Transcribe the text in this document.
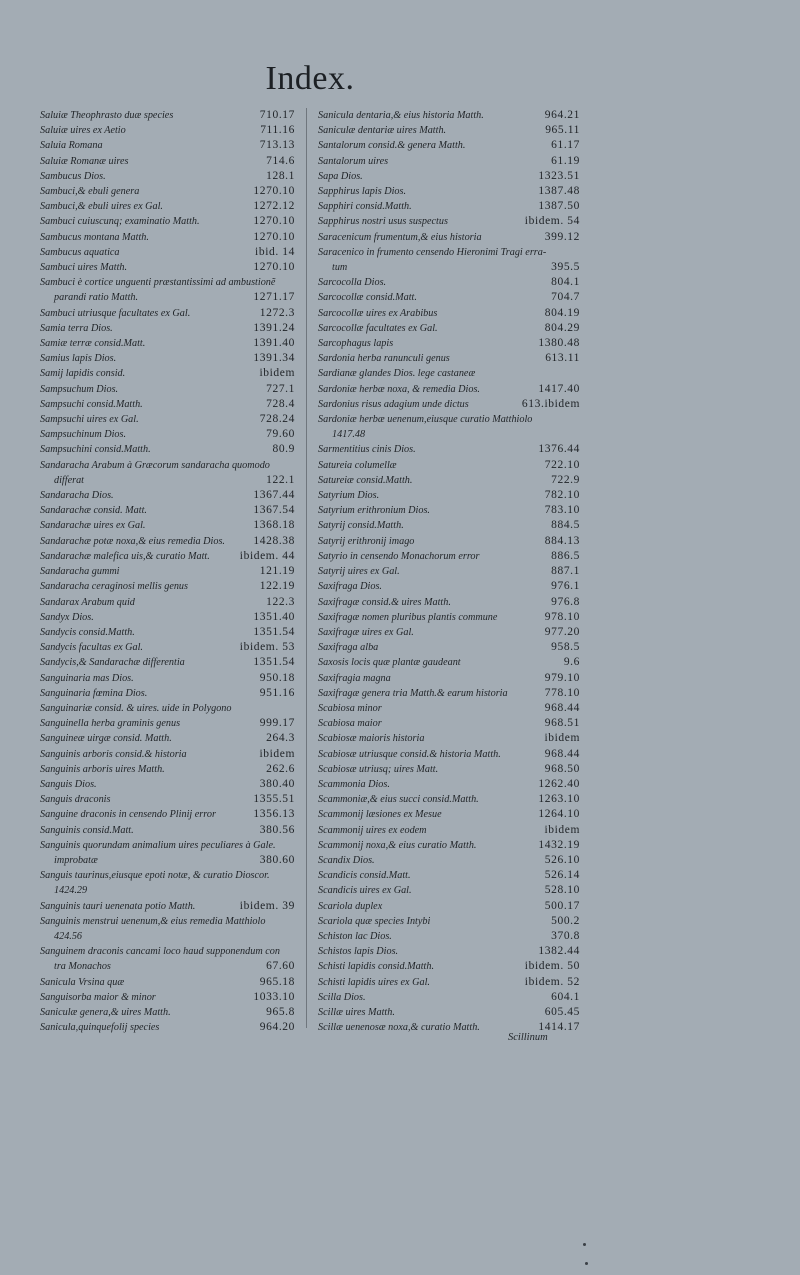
Index.
Saluiæ Theophrasto duæ species	710.17
Saluiæ uires ex Aetio	711.16
Saluia Romana	713.13
Saluiæ Romanæ uires	714.6
Sambucus Dios.	128.1
Sambuci,& ebuli genera	1270.10
Sambuci,& ebuli uires ex Gal.	1272.12
Sambuci cuiuscunq; examinatio Matth.	1270.10
Sambucus montana Matth.	1270.10
Sambucus aquatica	ibid. 14
Sambuci uires Matth.	1270.10
Sambuci è cortice unguenti præstantissimi ad ambustionẽ
parandi ratio Matth.	1271.17
Sambuci utriusque facultates ex Gal.	1272.3
Samia terra Dios.	1391.24
Samiæ terræ consid.Matt.	1391.40
Samius lapis Dios.	1391.34
Samij lapidis consid.	ibidem
Sampsuchum Dios.	727.1
Sampsuchi consid.Matth.	728.4
Sampsuchi uires ex Gal.	728.24
Sampsuchinum Dios.	79.60
Sampsuchini consid.Matth.	80.9
Sandaracha Arabum à Græcorum sandaracha quomodo
differat	122.1
Sandaracha Dios.	1367.44
Sandarachæ consid. Matt.	1367.54
Sandarachæ uires ex Gal.	1368.18
Sandarachæ potæ noxa,& eius remedia Dios.	1428.38
Sandarachæ malefica uis,& curatio Matt.	ibidem. 44
Sandaracha gummi	121.19
Sandaracha ceraginosi mellis genus	122.19
Sandarax Arabum quid	122.3
Sandyx Dios.	1351.40
Sandycis consid.Matth.	1351.54
Sandycis facultas ex Gal.	ibidem. 53
Sandycis,& Sandarachæ differentia	1351.54
Sanguinaria mas Dios.	950.18
Sanguinaria fœmina Dios.	951.16
Sanguinariæ consid. & uires. uide in Polygono
Sanguinella herba graminis genus	999.17
Sanguineæ uirgæ consid. Matth.	264.3
Sanguinis arboris consid.& historia	ibidem
Sanguinis arboris uires Matth.	262.6
Sanguis Dios.	380.40
Sanguis draconis	1355.51
Sanguine draconis in censendo Plinij error	1356.13
Sanguinis consid.Matt.	380.56
Sanguinis quorundam animalium uires peculiares à Gale.
improbatæ	380.60
Sanguis taurinus,eiusque epoti notæ, & curatio Dioscor.
1424.29
Sanguinis tauri uenenata potio Matth.	ibidem. 39
Sanguinis menstrui uenenum,& eius remedia Matthiolo
424.56
Sanguinem draconis cancami loco haud supponendum con
tra Monachos	67.60
Sanicula Vrsina quæ	965.18
Sanguisorba maior & minor	1033.10
Saniculæ genera,& uires Matth.	965.8
Sanicula,quinquefolij species	964.20
Sanicula dentaria,& eius historia Matth.	964.21
Saniculæ dentariæ uires Matth.	965.11
Santalorum consid.& genera Matth.	61.17
Santalorum uires	61.19
Sapa Dios.	1323.51
Sapphirus lapis Dios.	1387.48
Sapphiri consid.Matth.	1387.50
Sapphirus nostri usus suspectus	ibidem. 54
Saracenicum frumentum,& eius historia	399.12
Saracenico in frumento censendo Hieronimi Tragi erra-
tum	395.5
Sarcocolla Dios.	804.1
Sarcocollæ consid.Matt.	704.7
Sarcocollæ uires ex Arabibus	804.19
Sarcocollæ facultates ex Gal.	804.29
Sarcophagus lapis	1380.48
Sardonia herba ranunculi genus	613.11
Sardianæ glandes Dios. lege castaneæ
Sardoniæ herbæ noxa, & remedia Dios.	1417.40
Sardonius risus adagium unde dictus	613.ibidem
Sardoniæ herbæ uenenum,eiusque curatio Matthiolo
1417.48
Sarmentitius cinis Dios.	1376.44
Satureia columellæ	722.10
Satureiæ consid.Matth.	722.9
Satyrium Dios.	782.10
Satyrium erithronium Dios.	783.10
Satyrij consid.Matth.	884.5
Satyrij erithronij imago	884.13
Satyrio in censendo Monachorum error	886.5
Satyrij uires ex Gal.	887.1
Saxifraga Dios.	976.1
Saxifragæ consid.& uires Matth.	976.8
Saxifragæ nomen pluribus plantis commune	978.10
Saxifragæ uires ex Gal.	977.20
Saxifraga alba	958.5
Saxosis locis quæ plantæ gaudeant	9.6
Saxifragia magna	979.10
Saxifragæ genera tria Matth.& earum historia	778.10
Scabiosa minor	968.44
Scabiosa maior	968.51
Scabiosæ maioris historia	ibidem
Scabiosæ utriusque consid.& historia Matth.	968.44
Scabiosæ utriusq; uires Matt.	968.50
Scammonia Dios.	1262.40
Scammoniæ,& eius succi consid.Matth.	1263.10
Scammonij læsiones ex Mesue	1264.10
Scammonij uires ex eodem	ibidem
Scammonij noxa,& eius curatio Matth.	1432.19
Scandix Dios.	526.10
Scandicis consid.Matt.	526.14
Scandicis uires ex Gal.	528.10
Scariola duplex	500.17
Scariola quæ species Intybi	500.2
Schiston lac Dios.	370.8
Schistos lapis Dios.	1382.44
Schisti lapidis consid.Matth.	ibidem. 50
Schisti lapidis uires ex Gal.	ibidem. 52
Scilla Dios.	604.1
Scillæ uires Matth.	605.45
Scillæ uenenosæ noxa,& curatio Matth.	1414.17
Scillinum
